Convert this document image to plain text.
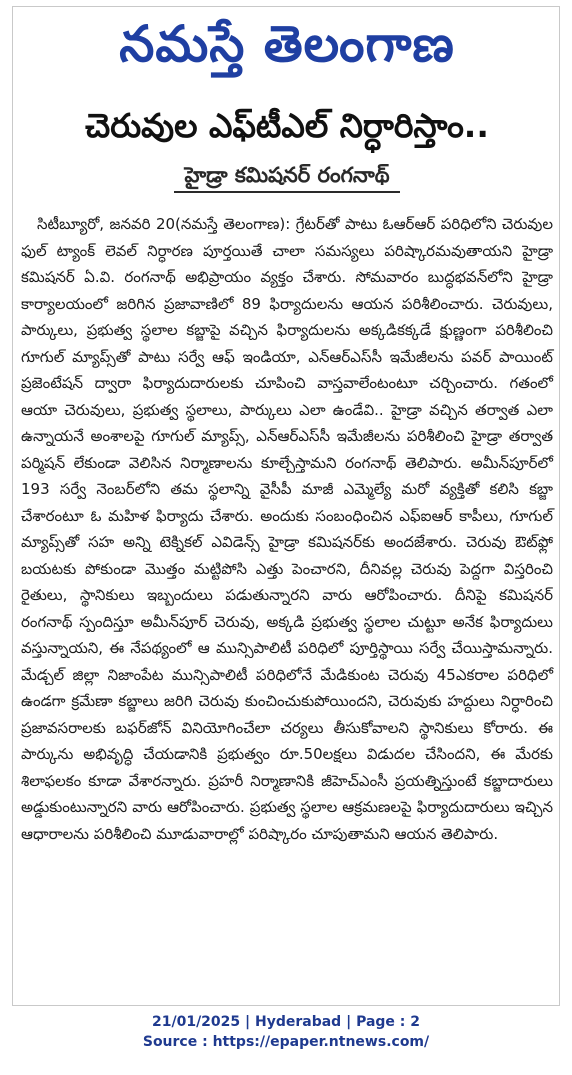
నమస్తే తెలంగాణ
చెరువుల ఎఫ్‌టీఎల్ నిర్ధారిస్తాం..
హైడ్రా కమిషనర్ రంగనాథ్

సిటీబ్యూరో, జనవరి 20(నమస్తే తెలంగాణ): గ్రేటర్‌తో పాటు ఓఆర్‌ఆర్ పరిధిలోని చెరువుల ఫుల్ ట్యాంక్ లెవల్ నిర్ధారణ పూర్తయితే చాలా సమస్యలు పరిష్కారమవుతాయని హైడ్రా కమిషనర్ ఏ.వి. రంగనాథ్ అభిప్రాయం వ్యక్తం చేశారు. సోమవారం బుద్ధభవన్‌లోని హైడ్రా కార్యాలయంలో జరిగిన ప్రజావాణిలో 89 ఫిర్యాదులను ఆయన పరిశీలించారు. చెరువులు, పార్కులు, ప్రభుత్వ స్థలాల కబ్జాపై వచ్చిన ఫిర్యాదులను అక్కడికక్కడే క్షుణ్ణంగా పరిశీలించి గూగుల్ మ్యాప్స్‌తో పాటు సర్వే ఆఫ్ ఇండియా, ఎన్‌ఆర్‌ఎస్‌సీ ఇమేజీలను పవర్ పాయింట్ ప్రజెంటేషన్ ద్వారా ఫిర్యాదుదారులకు చూపించి వాస్తవాలేంటంటూ చర్చించారు. గతంలో ఆయా చెరువులు, ప్రభుత్వ స్థలాలు, పార్కులు ఎలా ఉండేవి.. హైడ్రా వచ్చిన తర్వాత ఎలా ఉన్నాయనే అంశాలపై గూగుల్ మ్యాప్స్, ఎన్‌ఆర్‌ఎస్‌సీ ఇమేజీలను పరిశీలించి హైడ్రా తర్వాత పర్మిషన్ లేకుండా వెలిసిన నిర్మాణాలను కూల్చేస్తామని రంగనాథ్ తెలిపారు. అమీన్‌పూర్‌లో 193 సర్వే నెంబర్‌లోని తమ స్థలాన్ని వైసీపీ మాజీ ఎమ్మెల్యే మరో వ్యక్తితో కలిసి కబ్జా చేశారంటూ ఓ మహిళ ఫిర్యాదు చేశారు. అందుకు సంబంధించిన ఎఫ్‌ఐఆర్ కాపీలు, గూగుల్ మ్యాప్స్‌తో సహ అన్ని టెక్నికల్ ఎవిడెన్స్ హైడ్రా కమిషనర్‌కు అందజేశారు. చెరువు ఔట్‌ఫ్లో బయటకు పోకుండా మొత్తం మట్టిపోసి ఎత్తు పెంచారని, దీనివల్ల చెరువు పెద్దగా విస్తరించి రైతులు, స్థానికులు ఇబ్బందులు పడుతున్నారని వారు ఆరోపించారు. దీనిపై కమిషనర్ రంగనాథ్ స్పందిస్తూ అమీన్‌పూర్ చెరువు, అక్కడి ప్రభుత్వ స్థలాల చుట్టూ అనేక ఫిర్యాదులు వస్తున్నాయని, ఈ నేపథ్యంలో ఆ మున్సిపాలిటీ పరిధిలో పూర్తిస్థాయి సర్వే చేయిస్తామన్నారు. మేడ్చల్ జిల్లా నిజాంపేట మున్సిపాలిటీ పరిధిలోనే మేడికుంట చెరువు 45ఎకరాల పరిధిలో ఉండగా క్రమేణా కబ్జాలు జరిగి చెరువు కుంచించుకుపోయిందని, చెరువుకు హద్దులు నిర్ధారించి ప్రజావసరాలకు బఫర్‌జోన్ వినియోగించేలా చర్యలు తీసుకోవాలని స్థానికులు కోరారు. ఈ పార్కును అభివృద్ధి చేయడానికి ప్రభుత్వం రూ.50లక్షలు విడుదల చేసిందని, ఈ మేరకు శిలాఫలకం కూడా వేశారన్నారు. ప్రహరీ నిర్మాణానికి జీహెచ్‌ఎంసీ ప్రయత్నిస్తుంటే కబ్జాదారులు అడ్డుకుంటున్నారని వారు ఆరోపించారు. ప్రభుత్వ స్థలాల ఆక్రమణలపై ఫిర్యాదుదారులు ఇచ్చిన ఆధారాలను పరిశీలించి మూడువారాల్లో పరిష్కారం చూపుతామని ఆయన తెలిపారు.

21/01/2025 | Hyderabad | Page : 2
Source : https://epaper.ntnews.com/
